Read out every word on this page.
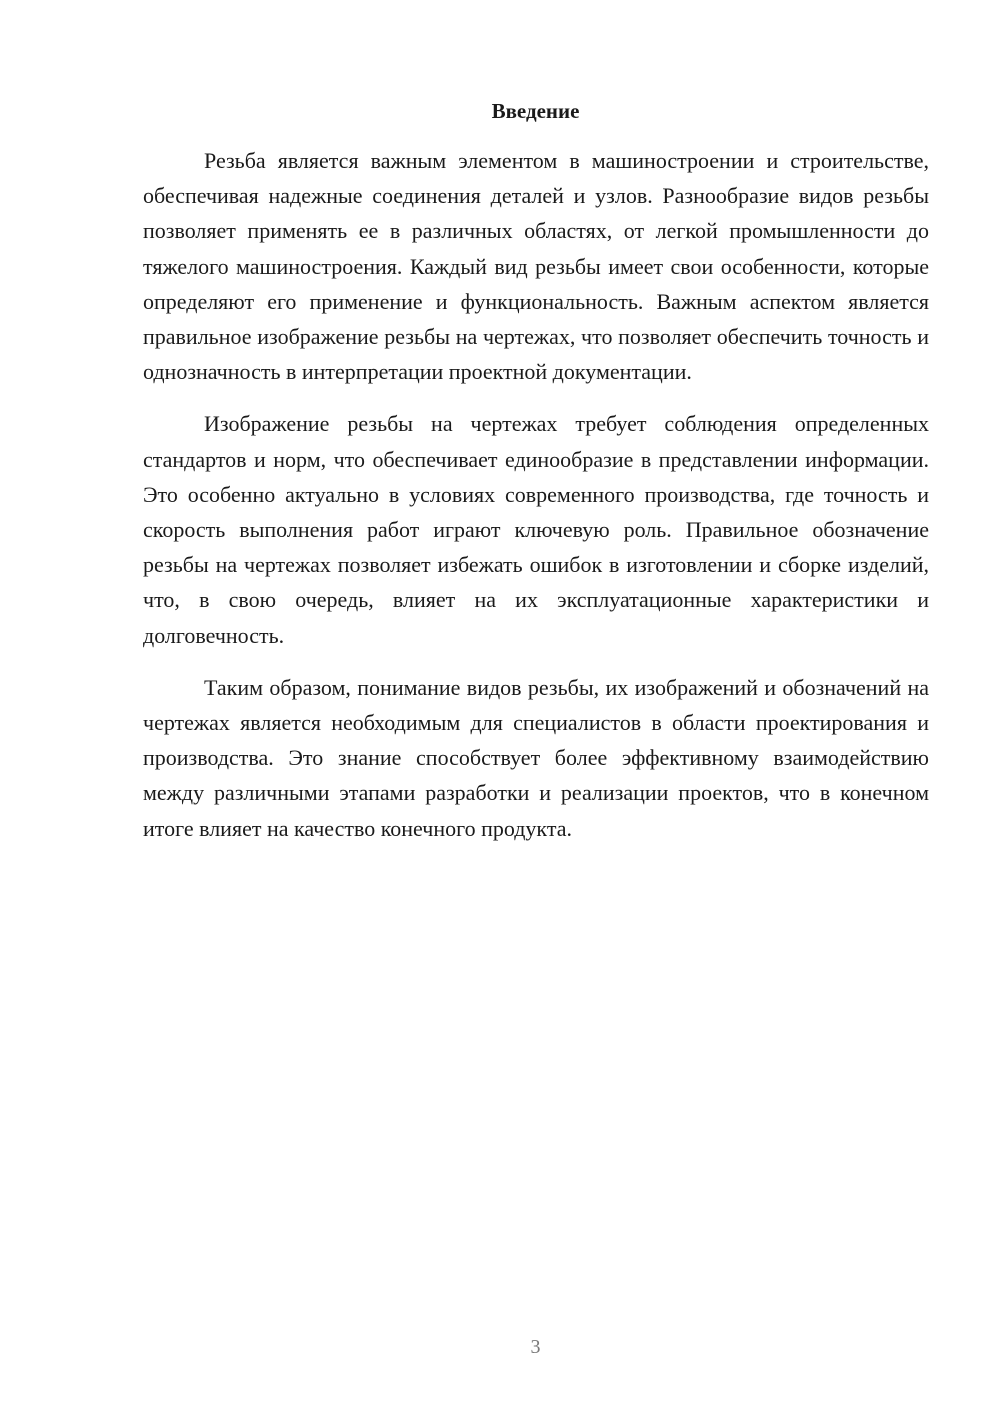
Введение

Резьба является важным элементом в машиностроении и строительстве, обеспечивая надежные соединения деталей и узлов. Разнообразие видов резьбы позволяет применять ее в различных областях, от легкой промышленности до тяжелого машиностроения. Каждый вид резьбы имеет свои особенности, которые определяют его применение и функциональность. Важным аспектом является правильное изображение резьбы на чертежах, что позволяет обеспечить точность и однозначность в интерпретации проектной документации.

Изображение резьбы на чертежах требует соблюдения определенных стандартов и норм, что обеспечивает единообразие в представлении информации. Это особенно актуально в условиях современного производства, где точность и скорость выполнения работ играют ключевую роль. Правильное обозначение резьбы на чертежах позволяет избежать ошибок в изготовлении и сборке изделий, что, в свою очередь, влияет на их эксплуатационные характеристики и долговечность.

Таким образом, понимание видов резьбы, их изображений и обозначений на чертежах является необходимым для специалистов в области проектирования и производства. Это знание способствует более эффективному взаимодействию между различными этапами разработки и реализации проектов, что в конечном итоге влияет на качество конечного продукта.

3
